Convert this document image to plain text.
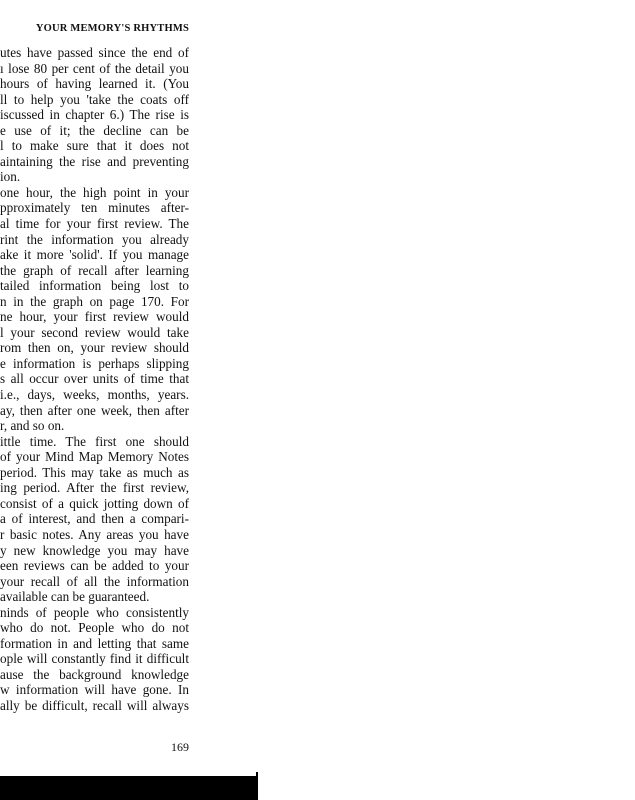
YOUR MEMORY'S RHYTHMS
utes have passed since the end of
ı lose 80 per cent of the detail you
hours of having learned it. (You
ll to help you 'take the coats off
iscussed in chapter 6.) The rise is
e use of it; the decline can be
l to make sure that it does not
aintaining the rise and preventing
ion.
one hour, the high point in your
pproximately ten minutes after-
al time for your first review. The
rint the information you already
ake it more 'solid'. If you manage
the graph of recall after learning
tailed information being lost to
n in the graph on page 170. For
ne hour, your first review would
l your second review would take
rom then on, your review should
e information is perhaps slipping
s all occur over units of time that
i.e., days, weeks, months, years.
ay, then after one week, then after
r, and so on.
ittle time. The first one should
of your Mind Map Memory Notes
period. This may take as much as
ing period. After the first review,
consist of a quick jotting down of
a of interest, and then a compari-
r basic notes. Any areas you have
y new knowledge you may have
een reviews can be added to your
your recall of all the information
available can be guaranteed.
ninds of people who consistently
who do not. People who do not
formation in and letting that same
ople will constantly find it difficult
ause the background knowledge
w information will have gone. In
ally be difficult, recall will always
169
